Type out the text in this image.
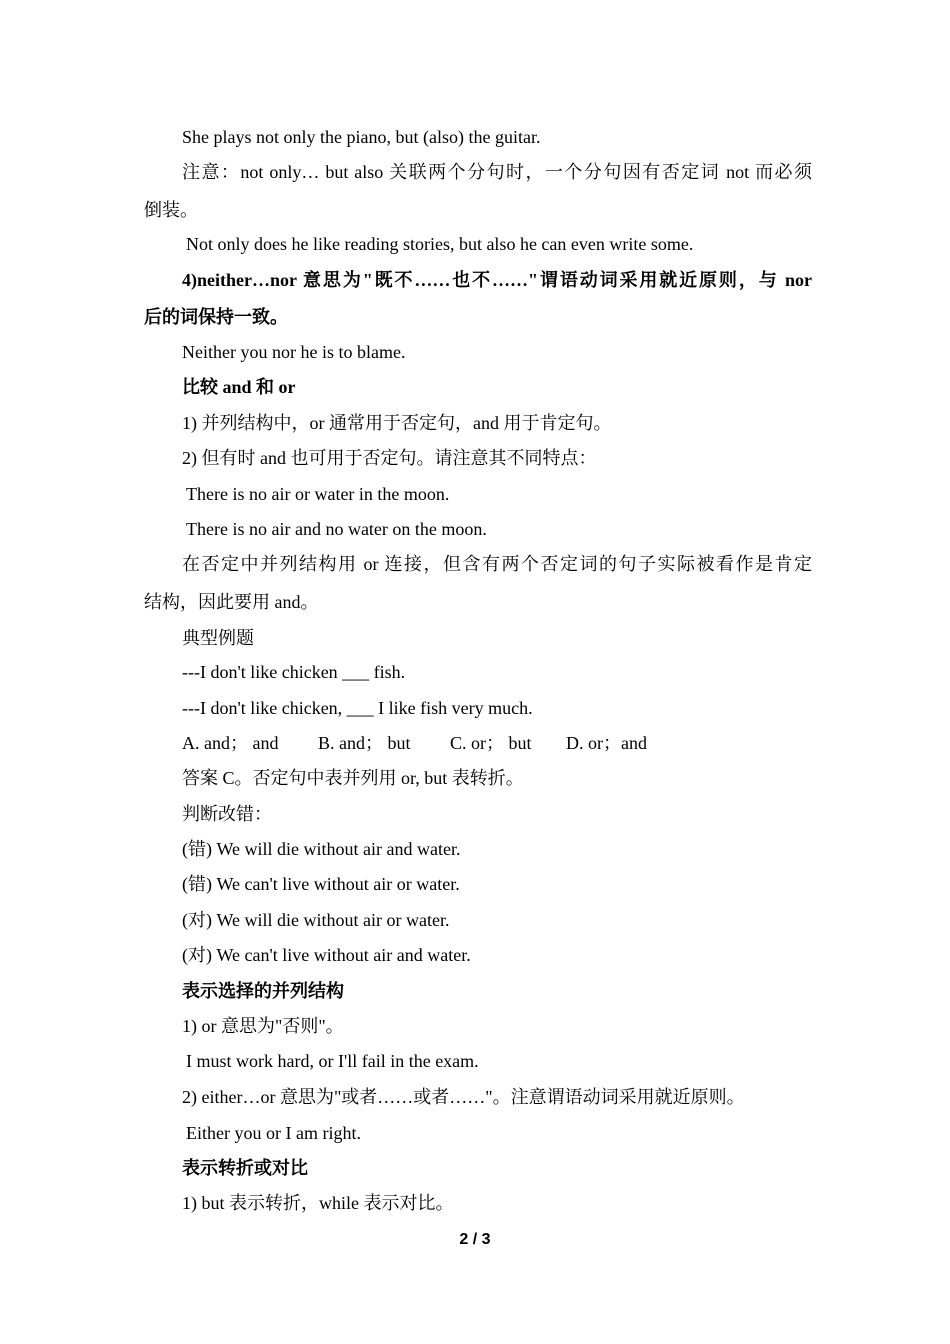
She plays not only the piano, but (also) the guitar.
注意：not only… but also 关联两个分句时，一个分句因有否定词 not 而必须
倒装。
Not only does he like reading stories, but also he can even write some.
4)neither…nor 意思为"既不……也不……"谓语动词采用就近原则，与 nor
后的词保持一致。
Neither you nor he is to blame.
比较 and 和 or
1) 并列结构中，or 通常用于否定句，and 用于肯定句。
2) 但有时 and 也可用于否定句。请注意其不同特点：
There is no air or water in the moon.
There is no air and no water on the moon.
在否定中并列结构用 or 连接，但含有两个否定词的句子实际被看作是肯定
结构，因此要用 and。
典型例题
---I don't like chicken ___ fish.
---I don't like chicken, ___ I like fish very much.
A. and； and B. and； but C. or； but D. or；and
答案 C。否定句中表并列用 or, but 表转折。
判断改错：
(错) We will die without air and water.
(错) We can't live without air or water.
(对) We will die without air or water.
(对) We can't live without air and water.
表示选择的并列结构
1) or 意思为"否则"。
I must work hard, or I'll fail in the exam.
2) either…or 意思为"或者……或者……"。注意谓语动词采用就近原则。
Either you or I am right.
表示转折或对比
1) but 表示转折，while 表示对比。
2 / 3
